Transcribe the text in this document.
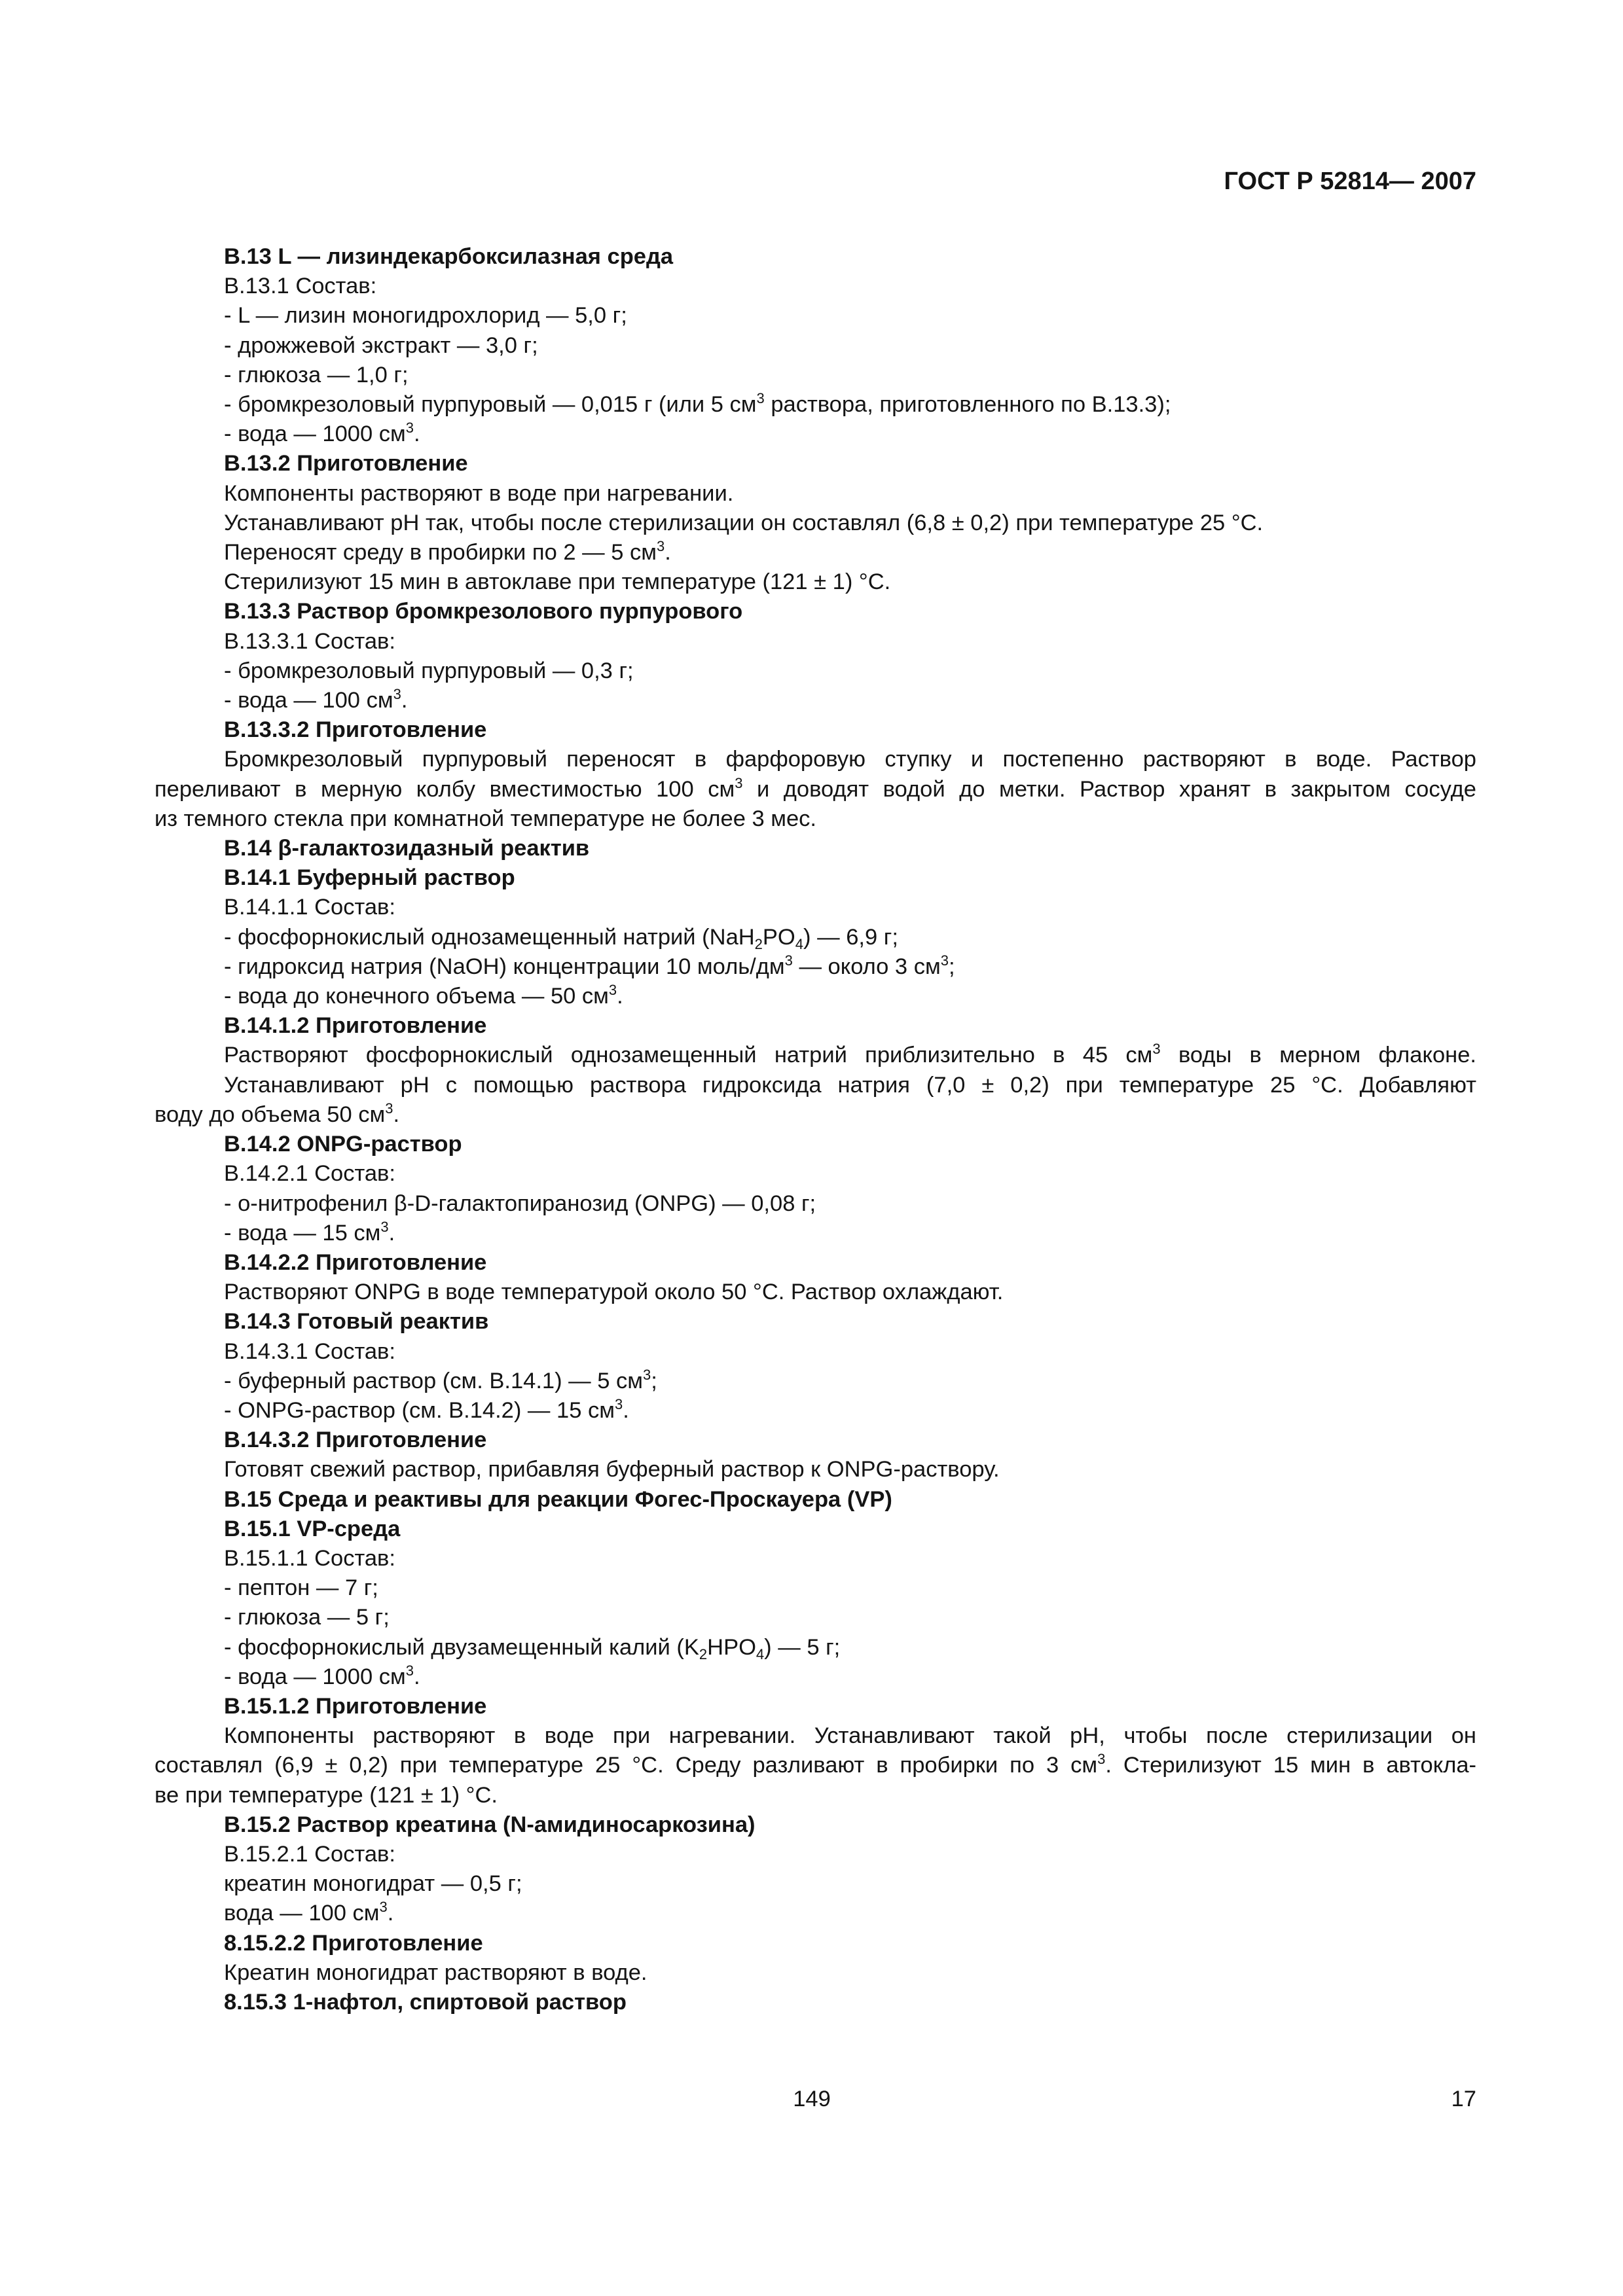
ГОСТ Р 52814— 2007
В.13 L — лизиндекарбоксилазная среда
В.13.1 Состав:
- L — лизин моногидрохлорид — 5,0 г;
- дрожжевой экстракт — 3,0 г;
- глюкоза — 1,0 г;
- бромкрезоловый пурпуровый — 0,015 г (или 5 $см^3$ раствора, приготовленного по В.13.3);
- вода — 1000 $см^3$.
В.13.2 Приготовление
Компоненты растворяют в воде при нагревании.
Устанавливают pH так, чтобы после стерилизации он составлял (6,8 ± 0,2) при температуре 25 °С.
Переносят среду в пробирки по 2 — 5 $см^3$.
Стерилизуют 15 мин в автоклаве при температуре (121 ± 1) °С.
В.13.3 Раствор бромкрезолового пурпурового
В.13.3.1 Состав:
- бромкрезоловый пурпуровый — 0,3 г;
- вода — 100 $см^3$.
В.13.3.2 Приготовление
Бромкрезоловый пурпуровый переносят в фарфоровую ступку и постепенно растворяют в воде. Раствор
переливают в мерную колбу вместимостью 100 $см^3$ и доводят водой до метки. Раствор хранят в закрытом сосуде
из темного стекла при комнатной температуре не более 3 мес.
В.14 β-галактозидазный реактив
В.14.1 Буферный раствор
В.14.1.1 Состав:
- фосфорнокислый однозамещенный натрий $(NaH_2PO_4)$ — 6,9 г;
- гидроксид натрия (NaOH) концентрации 10 моль/$дм^3$ — около 3 $см^3$;
- вода до конечного объема — 50 $см^3$.
В.14.1.2 Приготовление
Растворяют фосфорнокислый однозамещенный натрий приблизительно в 45 $см^3$ воды в мерном флаконе.
Устанавливают pH с помощью раствора гидроксида натрия (7,0 ± 0,2) при температуре 25 °С. Добавляют
воду до объема 50 $см^3$.
В.14.2 ONPG-раствор
В.14.2.1 Состав:
- о-нитрофенил β-D-галактопиранозид (ONPG) — 0,08 г;
- вода — 15 $см^3$.
В.14.2.2 Приготовление
Растворяют ONPG в воде температурой около 50 °С. Раствор охлаждают.
В.14.3 Готовый реактив
В.14.3.1 Состав:
- буферный раствор (см. В.14.1) — 5 $см^3$;
- ONPG-раствор (см. В.14.2) — 15 $см^3$.
В.14.3.2 Приготовление
Готовят свежий раствор, прибавляя буферный раствор к ONPG-раствору.
В.15 Среда и реактивы для реакции Фогес-Проскауера (VP)
В.15.1 VP-среда
В.15.1.1 Состав:
- пептон — 7 г;
- глюкоза — 5 г;
- фосфорнокислый двузамещенный калий $(K_2HPO_4)$ — 5 г;
- вода — 1000 $см^3$.
В.15.1.2 Приготовление
Компоненты растворяют в воде при нагревании. Устанавливают такой pH, чтобы после стерилизации он
составлял (6,9 ± 0,2) при температуре 25 °С. Среду разливают в пробирки по 3 $см^3$. Стерилизуют 15 мин в автокла-
ве при температуре (121 ± 1) °С.
В.15.2 Раствор креатина (N-амидиносаркозина)
В.15.2.1 Состав:
креатин моногидрат — 0,5 г;
вода — 100 $см^3$.
8.15.2.2 Приготовление
Креатин моногидрат растворяют в воде.
8.15.3 1-нафтол, спиртовой раствор
149	17
